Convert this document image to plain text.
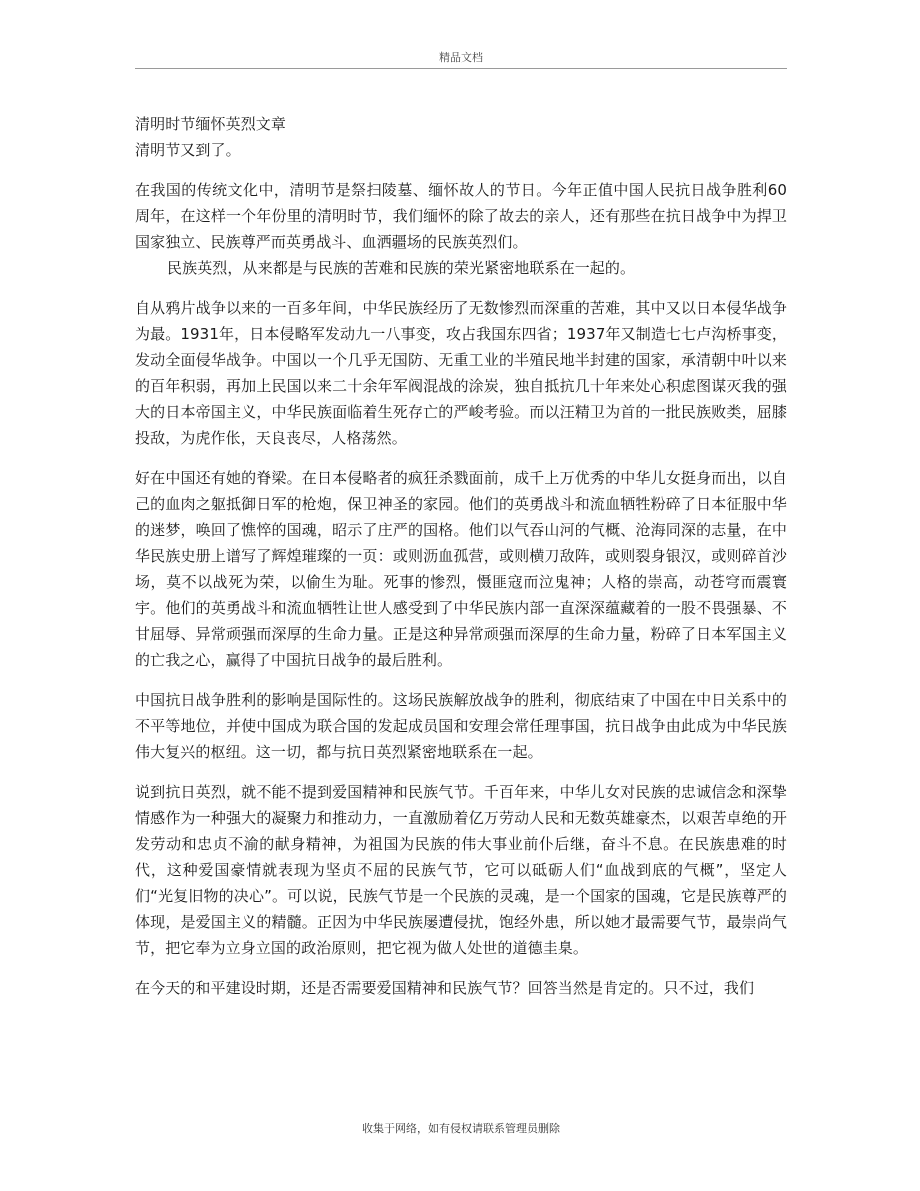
精品文档

清明时节缅怀英烈文章

清明节又到了。

在我国的传统文化中，清明节是祭扫陵墓、缅怀故人的节日。今年正值中国人民抗日战争胜利60周年，在这样一个年份里的清明时节，我们缅怀的除了故去的亲人，还有那些在抗日战争中为捍卫国家独立、民族尊严而英勇战斗、血洒疆场的民族英烈们。

民族英烈，从来都是与民族的苦难和民族的荣光紧密地联系在一起的。

自从鸦片战争以来的一百多年间，中华民族经历了无数惨烈而深重的苦难，其中又以日本侵华战争为最。1931年，日本侵略军发动九一八事变，攻占我国东四省；1937年又制造七七卢沟桥事变，发动全面侵华战争。中国以一个几乎无国防、无重工业的半殖民地半封建的国家，承清朝中叶以来的百年积弱，再加上民国以来二十余年军阀混战的涂炭，独自抵抗几十年来处心积虑图谋灭我的强大的日本帝国主义，中华民族面临着生死存亡的严峻考验。而以汪精卫为首的一批民族败类，屈膝投敌，为虎作伥，天良丧尽，人格荡然。

好在中国还有她的脊梁。在日本侵略者的疯狂杀戮面前，成千上万优秀的中华儿女挺身而出，以自己的血肉之躯抵御日军的枪炮，保卫神圣的家园。他们的英勇战斗和流血牺牲粉碎了日本征服中华的迷梦，唤回了憔悴的国魂，昭示了庄严的国格。他们以气吞山河的气概、沧海同深的志量，在中华民族史册上谱写了辉煌璀璨的一页：或则沥血孤营，或则横刀敌阵，或则裂身银汉，或则碎首沙场，莫不以战死为荣，以偷生为耻。死事的惨烈，慑匪寇而泣鬼神；人格的崇高，动苍穹而震寰宇。他们的英勇战斗和流血牺牲让世人感受到了中华民族内部一直深深蕴藏着的一股不畏强暴、不甘屈辱、异常顽强而深厚的生命力量。正是这种异常顽强而深厚的生命力量，粉碎了日本军国主义的亡我之心，赢得了中国抗日战争的最后胜利。

中国抗日战争胜利的影响是国际性的。这场民族解放战争的胜利，彻底结束了中国在中日关系中的不平等地位，并使中国成为联合国的发起成员国和安理会常任理事国，抗日战争由此成为中华民族伟大复兴的枢纽。这一切，都与抗日英烈紧密地联系在一起。

说到抗日英烈，就不能不提到爱国精神和民族气节。千百年来，中华儿女对民族的忠诚信念和深挚情感作为一种强大的凝聚力和推动力，一直激励着亿万劳动人民和无数英雄豪杰，以艰苦卓绝的开发劳动和忠贞不渝的献身精神，为祖国为民族的伟大事业前仆后继，奋斗不息。在民族患难的时代，这种爱国豪情就表现为坚贞不屈的民族气节，它可以砥砺人们“血战到底的气概”，坚定人们“光复旧物的决心”。可以说，民族气节是一个民族的灵魂，是一个国家的国魂，它是民族尊严的体现，是爱国主义的精髓。正因为中华民族屡遭侵扰，饱经外患，所以她才最需要气节，最崇尚气节，把它奉为立身立国的政治原则，把它视为做人处世的道德圭臬。

在今天的和平建设时期，还是否需要爱国精神和民族气节？回答当然是肯定的。只不过，我们

收集于网络，如有侵权请联系管理员删除
